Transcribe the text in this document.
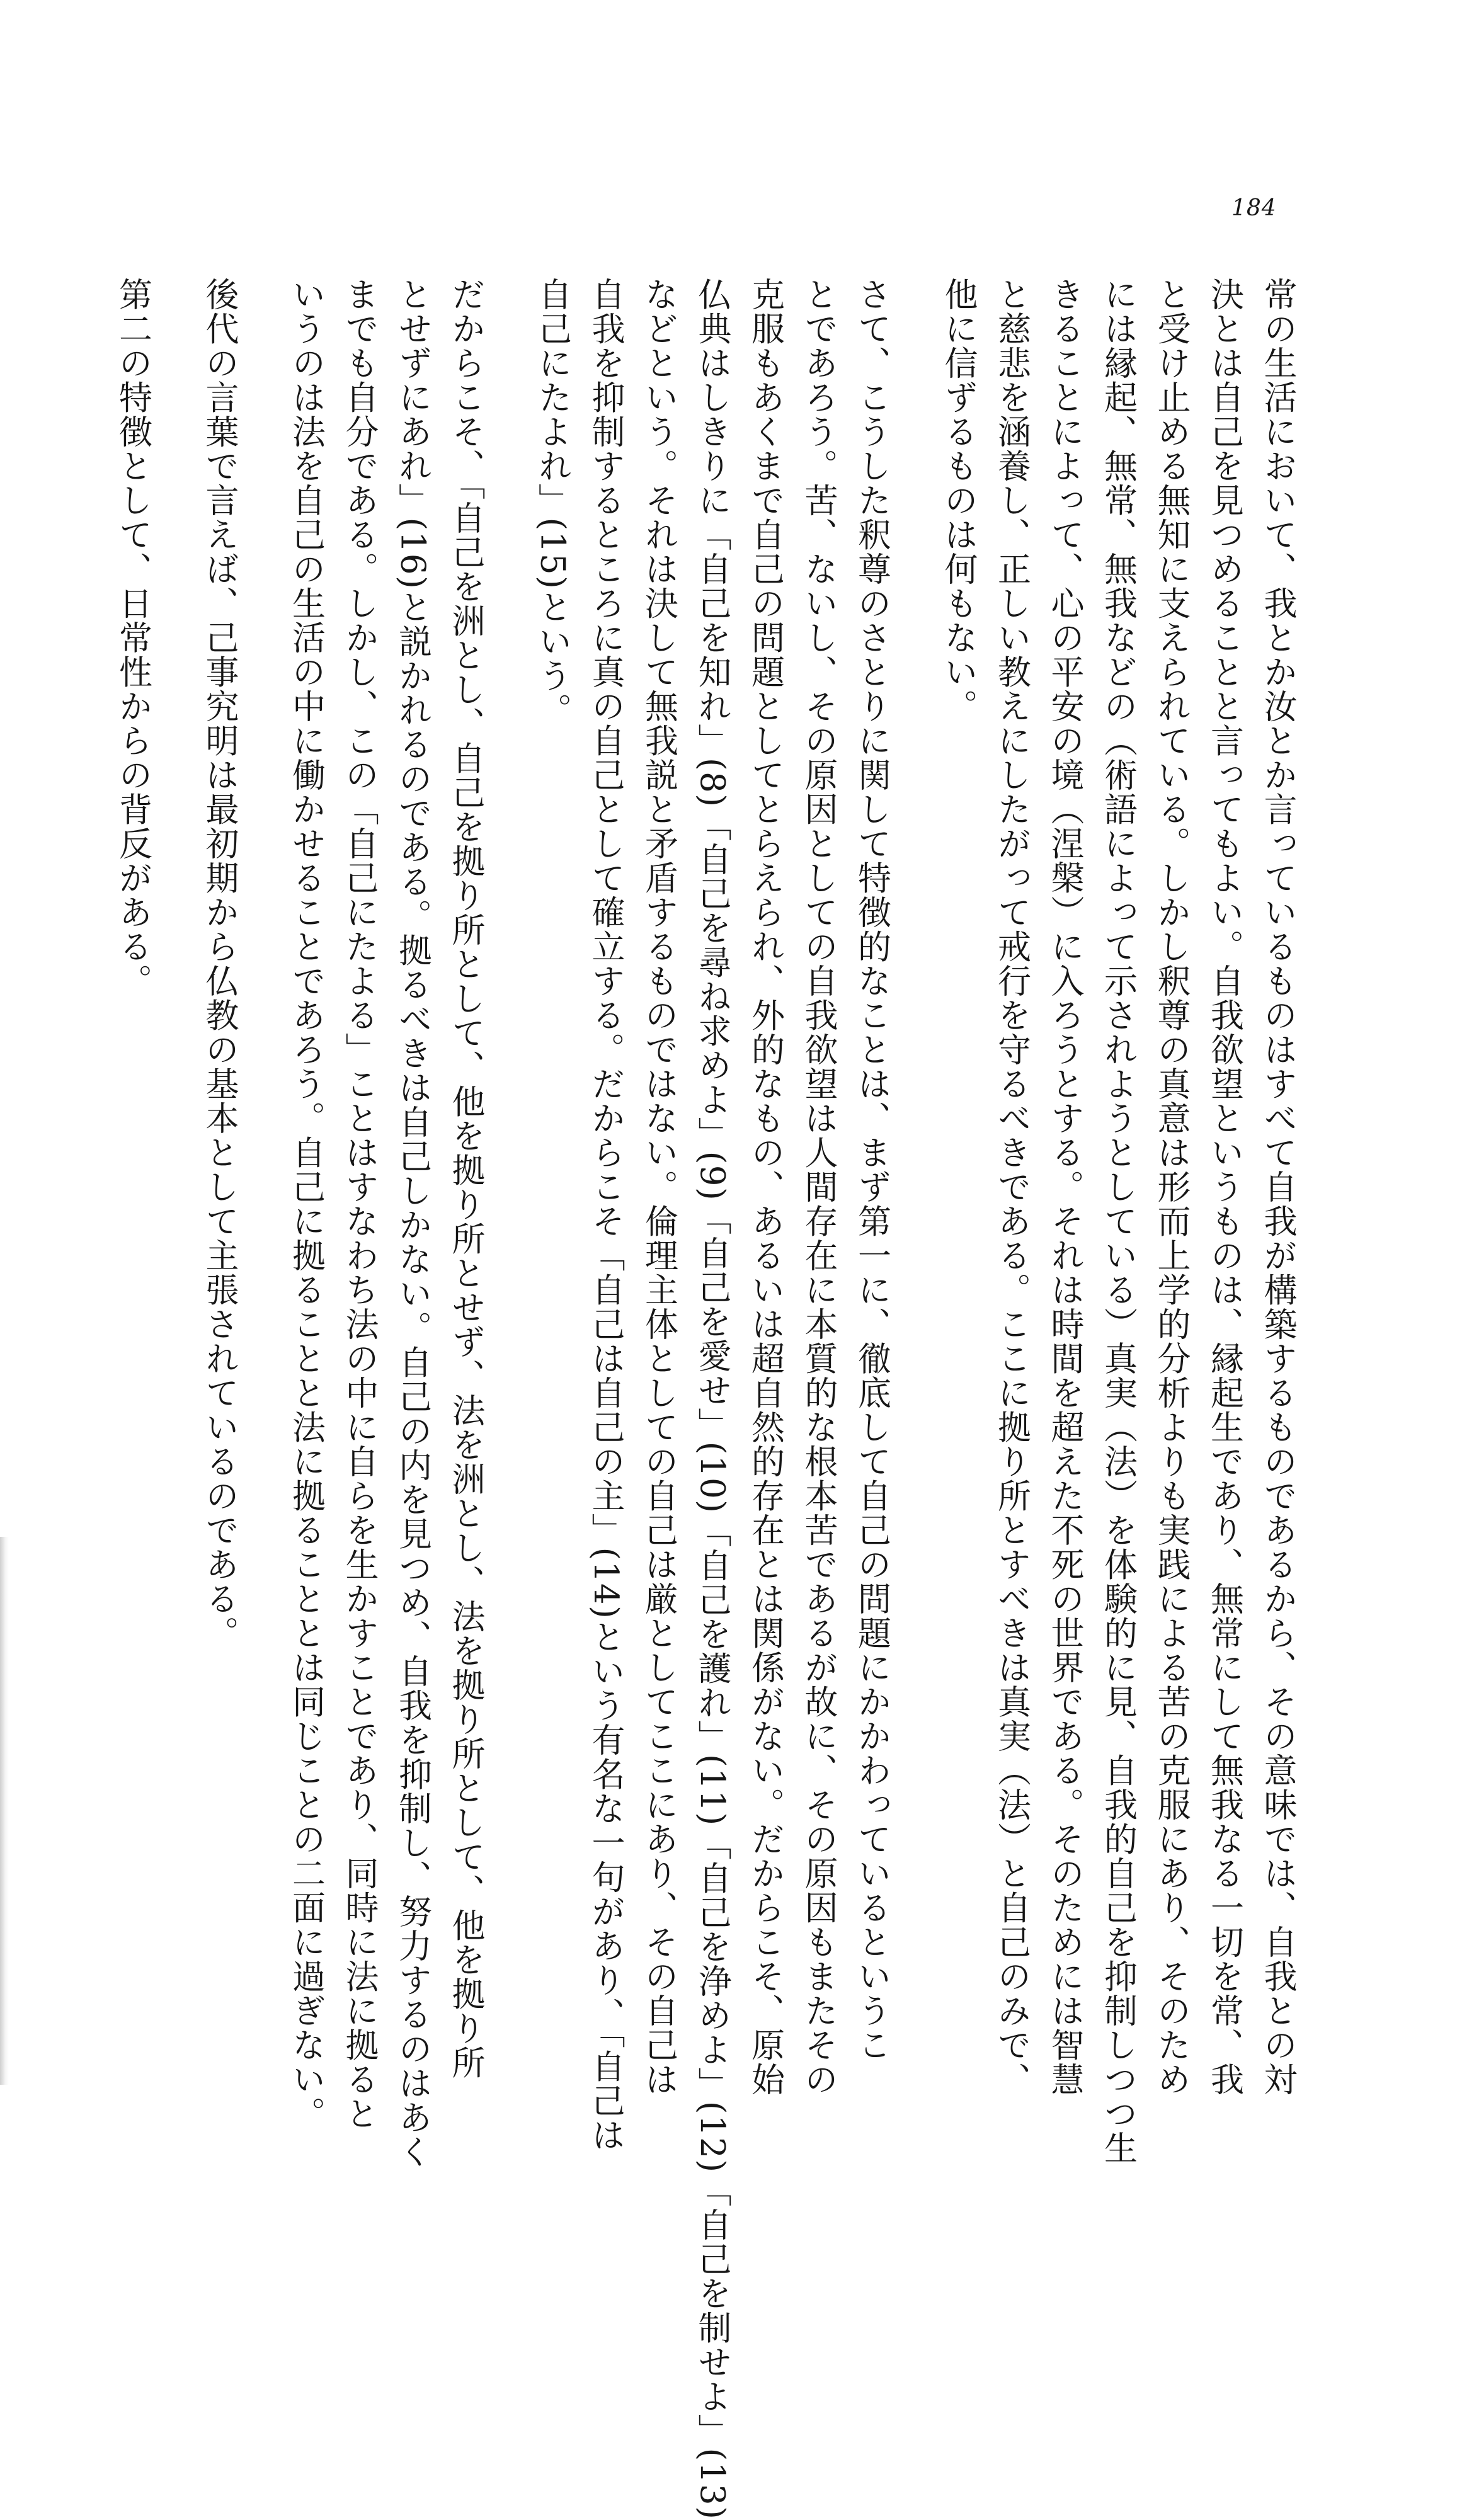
184
常の生活において、我とか汝とか言っているものはすべて自我が構築するものであるから、その意味では、自我との対
決とは自己を見つめることと言ってもよい。自我欲望というものは、縁起生であり、無常にして無我なる一切を常、我
と受け止める無知に支えられている。しかし釈尊の真意は形而上学的分析よりも実践による苦の克服にあり、そのため
には縁起、無常、無我などの（術語によって示されようとしている）真実（法）を体験的に見、自我的自己を抑制しつつ生
きることによって、心の平安の境（涅槃）に入ろうとする。それは時間を超えた不死の世界である。そのためには智慧
と慈悲を涵養し、正しい教えにしたがって戒行を守るべきである。ここに拠り所とすべきは真実（法）と自己のみで、
他に信ずるものは何もない。
さて、こうした釈尊のさとりに関して特徴的なことは、まず第一に、徹底して自己の問題にかかわっているというこ
とであろう。苦、ないし、その原因としての自我欲望は人間存在に本質的な根本苦であるが故に、その原因もまたその
克服もあくまで自己の問題としてとらえられ、外的なもの、あるいは超自然的存在とは関係がない。だからこそ、原始
仏典はしきりに「自己を知れ」(8)「自己を尋ね求めよ」(9)「自己を愛せ」(10)「自己を護れ」(11)「自己を浄めよ」(12)「自己を制せよ」(13)
などという。それは決して無我説と矛盾するものではない。倫理主体としての自己は厳としてここにあり、その自己は
自我を抑制するところに真の自己として確立する。だからこそ「自己は自己の主」(14)という有名な一句があり、「自己は
自己にたよれ」(15)という。
だからこそ、「自己を洲とし、自己を拠り所として、他を拠り所とせず、法を洲とし、法を拠り所として、他を拠り所
とせずにあれ」(16)と説かれるのである。拠るべきは自己しかない。自己の内を見つめ、自我を抑制し、努力するのはあく
までも自分である。しかし、この「自己にたよる」ことはすなわち法の中に自らを生かすことであり、同時に法に拠ると
いうのは法を自己の生活の中に働かせることであろう。自己に拠ることと法に拠ることとは同じことの二面に過ぎない。
後代の言葉で言えば、己事究明は最初期から仏教の基本として主張されているのである。
第二の特徴として、日常性からの背反がある。
